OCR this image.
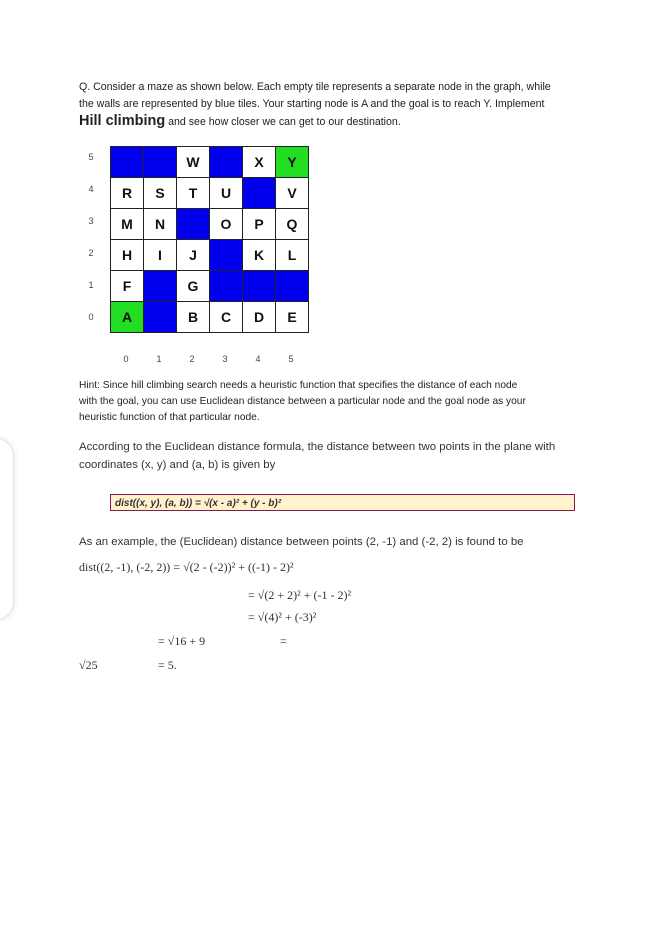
Q. Consider a maze as shown below. Each empty tile represents a separate node in the graph, while
the walls are represented by blue tiles. Your starting node is A and the goal is to reach Y. Implement
Hill climbing and see how closer we can get to our destination.
		W		X	Y
R	S	T	U		V
M	N		O	P	Q
H	I	J		K	L
F		G			
A		B	C	D	E
5
4
3
2
1
0
0	1	2	3	4	5
Hint: Since hill climbing search needs a heuristic function that specifies the distance of each node
with the goal, you can use Euclidean distance between a particular node and the goal node as your
heuristic function of that particular node.
According to the Euclidean distance formula, the distance between two points in the plane with
coordinates (x, y) and (a, b) is given by
dist((x, y), (a, b)) = √(x - a)² + (y - b)²
As an example, the (Euclidean) distance between points (2, -1) and (-2, 2) is found to be
dist((2, -1), (-2, 2)) = √(2 - (-2))² + ((-1) - 2)²
= √(2 + 2)² + (-1 - 2)²
= √(4)² + (-3)²
= √16 + 9	=
√25	= 5.
